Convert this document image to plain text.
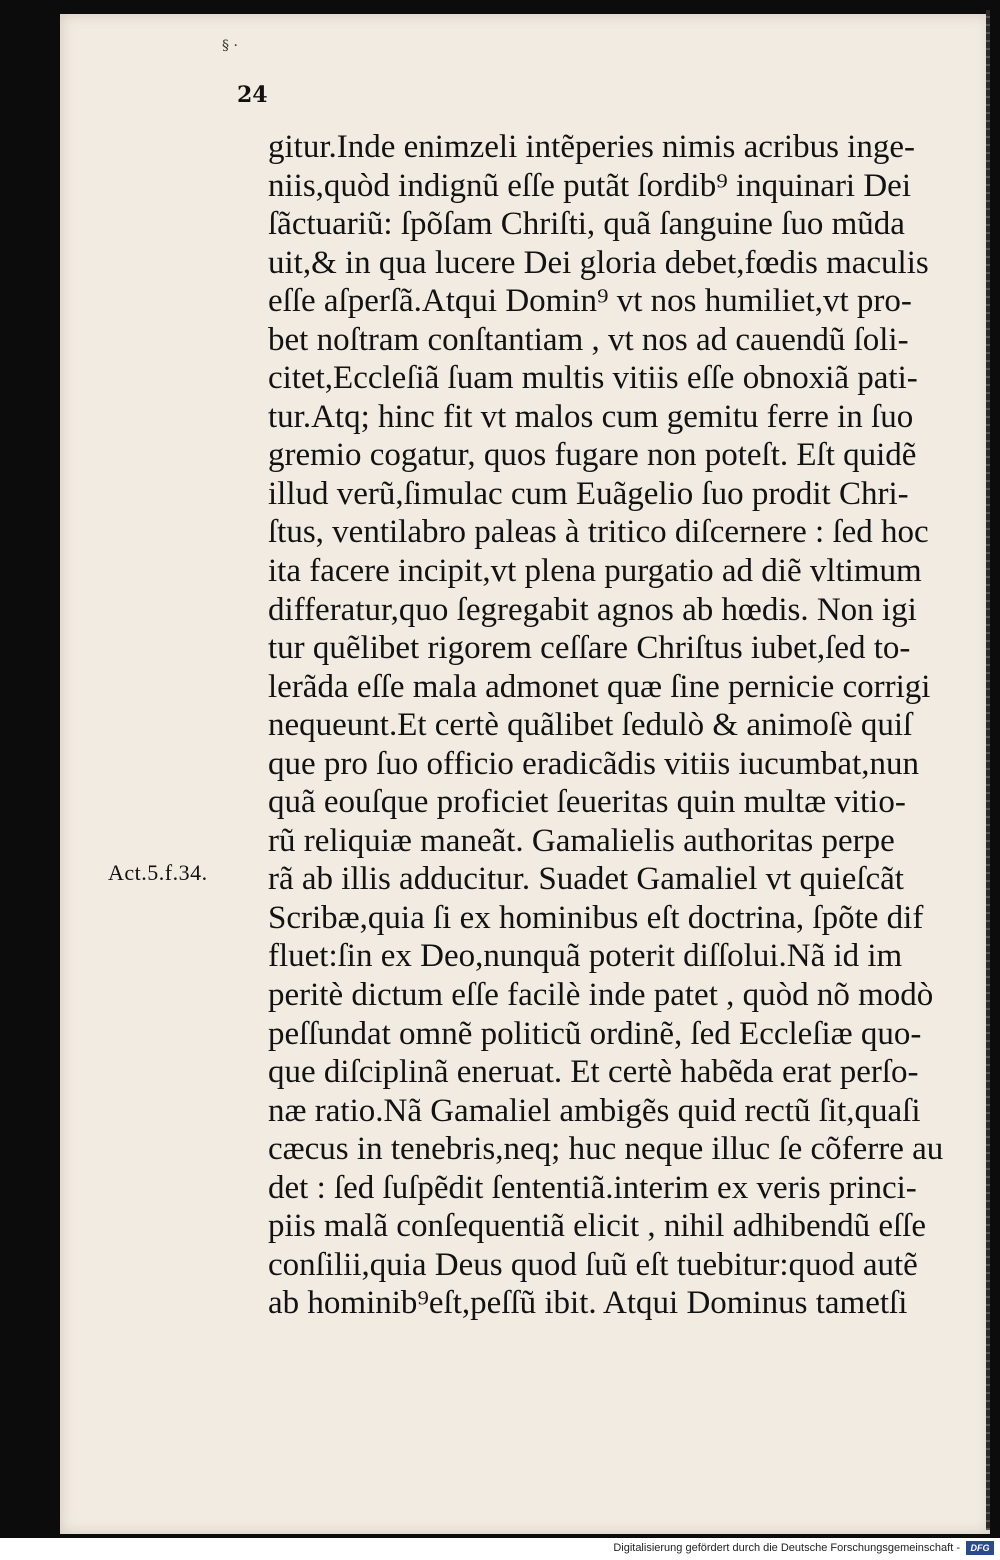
§ ·
24
Act.5.f.34.
gitur.Inde enimzeli intẽperies nimis acribus inge-
niis,quòd indignũ eſſe putãt ſordib⁹ inquinari Dei
ſãctuariũ: ſpõſam Chriſti, quã ſanguine ſuo mũda
uit,& in qua lucere Dei gloria debet,fœdis maculis
eſſe aſperſã.Atqui Domin⁹ vt nos humiliet,vt pro-
bet noſtram conſtantiam , vt nos ad cauendũ ſoli-
citet,Eccleſiã ſuam multis vitiis eſſe obnoxiã pati-
tur.Atq; hinc fit vt malos cum gemitu ferre in ſuo
gremio cogatur, quos fugare non poteſt. Eſt quidẽ
illud verũ,ſimulac cum Euãgelio ſuo prodit Chri-
ſtus, ventilabro paleas à tritico diſcernere : ſed hoc
ita facere incipit,vt plena purgatio ad diẽ vltimum
differatur,quo ſegregabit agnos ab hœdis. Non igi
tur quẽlibet rigorem ceſſare Chriſtus iubet,ſed to-
lerãda eſſe mala admonet quæ ſine pernicie corrigi
nequeunt.Et certè quãlibet ſedulò & animoſè quiſ
que pro ſuo officio eradicãdis vitiis iucumbat,nun
quã eouſque proficiet ſeueritas quin multæ vitio-
rũ reliquiæ maneãt. Gamalielis authoritas perpe
rã ab illis adducitur. Suadet Gamaliel vt quieſcãt
Scribæ,quia ſi ex hominibus eſt doctrina, ſpõte dif
fluet:ſin ex Deo,nunquã poterit diſſolui.Nã id im
peritè dictum eſſe facilè inde patet , quòd nõ modò
peſſundat omnẽ politicũ ordinẽ, ſed Eccleſiæ quo-
que diſciplinã eneruat. Et certè habẽda erat perſo-
næ ratio.Nã Gamaliel ambigẽs quid rectũ ſit,quaſi
cæcus in tenebris,neq; huc neque illuc ſe cõferre au
det : ſed ſuſpẽdit ſententiã.interim ex veris princi-
piis malã conſequentiã elicit , nihil adhibendũ eſſe
conſilii,quia Deus quod ſuũ eſt tuebitur:quod autẽ
ab hominib⁹eſt,peſſũ ibit. Atqui Dominus tametſi
Digitalisierung gefördert durch die Deutsche Forschungsgemeinschaft -	DFG
